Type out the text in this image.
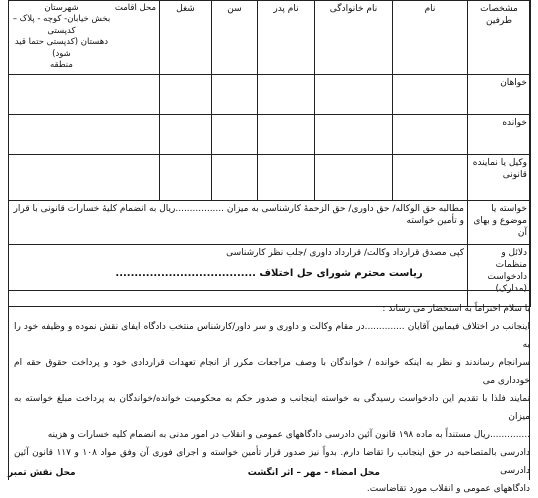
مشخصات طرفین	نام	نام خانوادگی	نام پدر	سن	شغل	محل اقامت
شهرستان
بخش خیابان- کوچه - پلاک – کدپستی
دهستان (کدپستی حتما قید شود)
منطقه

خواهان						
خوانده						
وکیل یا نماینده قانونی						
خواسته یا موضوع و بهای آن	مطالبه حق الوکاله/ حق داوری/ حق الزحمهٔ کارشناسی به میزان .................ریال به انضمام کلیهٔ خسارات قانونی با قرار
و تأمین خواسته					

دلائل و منظمات دادخواست (مدارک)	کپی مصدق قرارداد وکالت/ قرارداد داوری /جلب نظر کارشناسی					
ریاست محترم شورای حل اختلاف .....................................

با سلام احتراماً به استحضار می رساند :

اینجانب در اختلاف فیمابین آقایان ..............در مقام وکالت و داوری و سر داور/کارشناس منتخب دادگاه ایفای نقش نموده و وظیفه خود را به

سرانجام رساندند و نظر به اینکه خوانده / خواندگان با وصف مراجعات مکرر از انجام تعهدات قراردادی خود و پرداخت حقوق حقه ام خودداری می

نمایند فلذا با تقدیم این دادخواست رسیدگی به خواسته اینجانب و صدور حکم به محکومیت خوانده/خواندگان به پرداخت مبلغ خواسته به میزان

..............ریال مستنداً به ماده ۱۹۸ قانون آئین دادرسی دادگاههای عمومی و انقلاب در امور مدنی به انضمام کلیه خسارات و هزینه

دادرسی بالمتصاحبه در حق اینجانب را تقاضا دارم. بدواً نیز صدور قرار تأمین خواسته و اجرای فوری آن وفق مواد ۱۰۸ و ۱۱۷ قانون آئین دادرسی

دادگاههای عمومی و انقلاب مورد تقاضاست.

محل امضاء - مهر – اثر انگشت
محل نقش تمبر
